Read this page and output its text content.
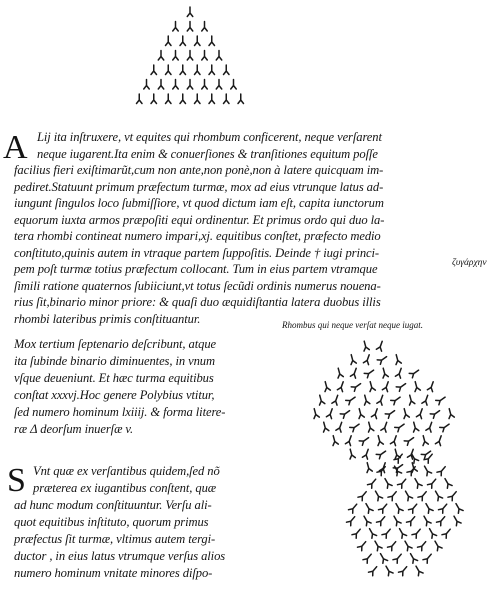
A Lij ita inſtruxere, vt equites qui rhombum conficerent, neque verſarent
neque iugarent.Ita enim & conuerſiones & tranſitiones equitum poſſe
facilius fieri exiſtimarũt,cum non ante,non ponè,non à latere quicquam im-
pediret.Statuunt primum præfectum turmæ, mox ad eius vtrunque latus ad-
iungunt ſingulos loco ſubmiſſiore, vt quod dictum iam eſt, capita iunctorum
equorum iuxta armos præpoſiti equi ordinentur. Et primus ordo qui duo la-
tera rhombi contineat numero impari,xj. equitibus conſtet, præfecto medio
conſtituto,quinis autem in vtraque partem ſuppoſitis. Deinde † iugi princi-
pem poſt turmæ totius præfectum collocant. Tum in eius partem vtramque
ſimili ratione quaternos ſubiiciunt,vt totus ſecũdi ordinis numerus nouena-
rius ſit,binario minor priore: & quaſi duo æquidiſtantia latera duobus illis
rhombi lateribus primis conſtituantur.
ζυγάρχην
Rhombus qui neque verſat neque iugat.
Mox tertium ſeptenario deſcribunt, atque
ita ſubinde binario diminuentes, in vnum
vſque deueniunt. Et hæc turma equitibus
conſtat xxxvj.Hoc genere Polybius vtitur,
ſed numero hominum lxiiij. & forma litere-
ræ Δ deorſum inuerſæ v.
S Vnt quæ ex verſantibus quidem,ſed nõ
præterea ex iugantibus conſtent, quæ
ad hunc modum conſtituuntur. Verſu ali-
quot equitibus inſtituto, quorum primus
præfectus ſit turmæ, vltimus autem tergi-
ductor , in eius latus vtrumque verſus alios
numero hominum vnitate minores diſpo-
